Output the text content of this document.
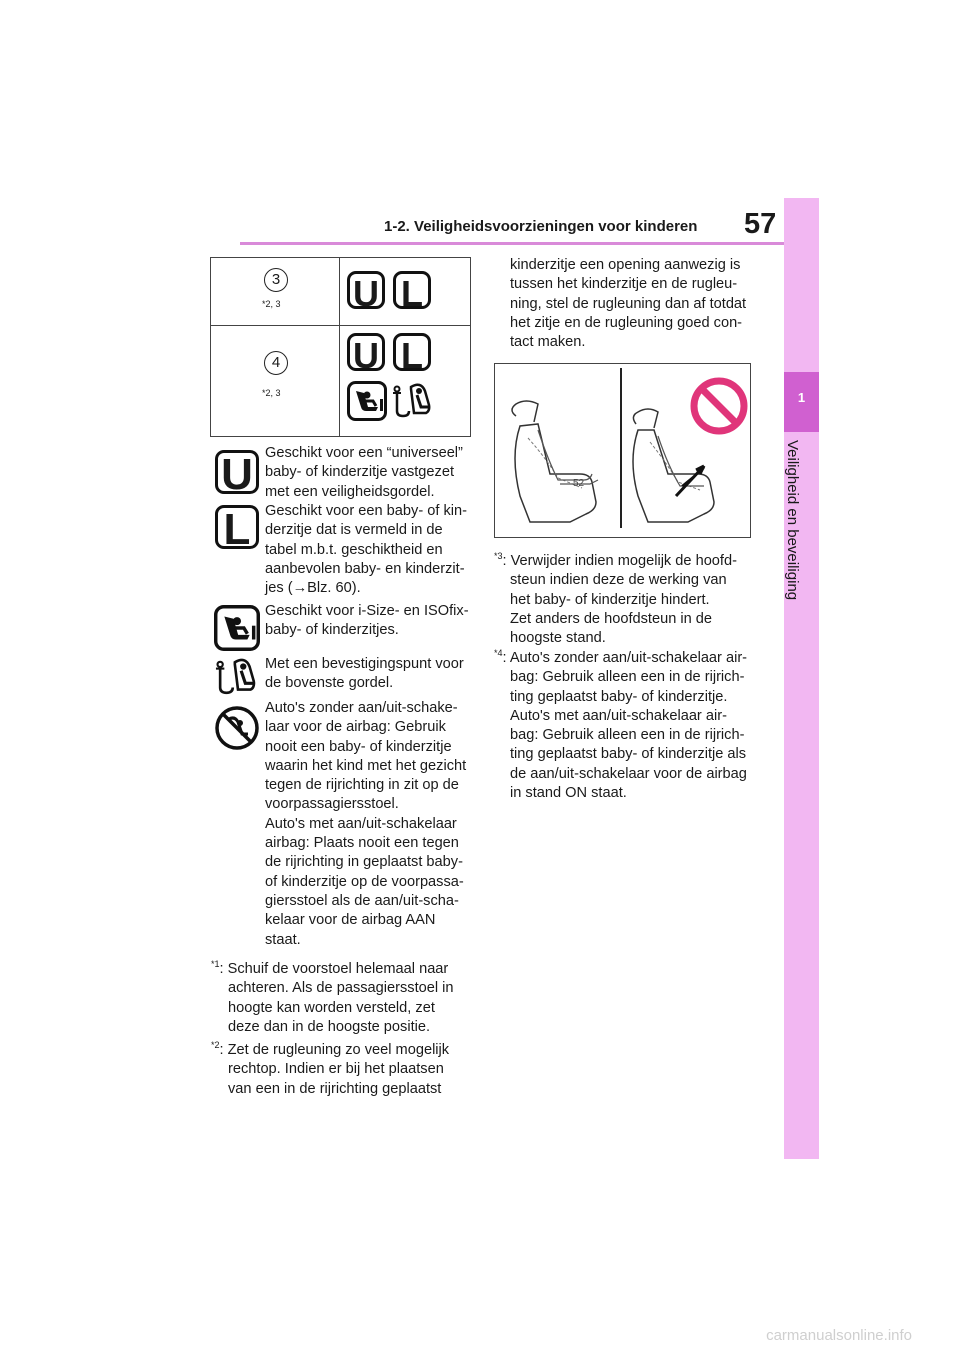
1-2. Veiligheidsvoorzieningen voor kinderen 57
1
Veiligheid en beveiliging
3
*2, 3 U L
4
*2, 3
U L
U Geschikt voor een “universeel”
baby- of kinderzitje vastgezet
met een veiligheidsgordel.
L Geschikt voor een baby- of kin-
derzitje dat is vermeld in de
tabel m.b.t. geschiktheid en
aanbevolen baby- en kinderzit-
jes (→Blz. 60).
Geschikt voor i-Size- en ISOfix-
baby- of kinderzitjes.
Met een bevestigingspunt voor
de bovenste gordel.
Auto's zonder aan/uit-schake-
laar voor de airbag: Gebruik
nooit een baby- of kinderzitje
waarin het kind met het gezicht
tegen de rijrichting in zit op de
voorpassagiersstoel.
Auto's met aan/uit-schakelaar
airbag: Plaats nooit een tegen
de rijrichting in geplaatst baby-
of kinderzitje op de voorpassa-
giersstoel als de aan/uit-scha-
kelaar voor de airbag AAN
staat.
$^{*1}$: Schuif de voorstoel helemaal naar
achteren. Als de passagiersstoel in
hoogte kan worden versteld, zet
deze dan in de hoogste positie.
$^{*2}$: Zet de rugleuning zo veel mogelijk
rechtop. Indien er bij het plaatsen
van een in de rijrichting geplaatst
kinderzitje een opening aanwezig is
tussen het kinderzitje en de rugleu-
ning, stel de rugleuning dan af totdat
het zitje en de rugleuning goed con-
tact maken.
52
$^{*3}$: Verwijder indien mogelijk de hoofd-
steun indien deze de werking van
het baby- of kinderzitje hindert.
Zet anders de hoofdsteun in de
hoogste stand.
$^{*4}$: Auto's zonder aan/uit-schakelaar air-
bag: Gebruik alleen een in de rijrich-
ting geplaatst baby- of kinderzitje.
Auto's met aan/uit-schakelaar air-
bag: Gebruik alleen een in de rijrich-
ting geplaatst baby- of kinderzitje als
de aan/uit-schakelaar voor de airbag
in stand ON staat.
carmanualsonline.info
